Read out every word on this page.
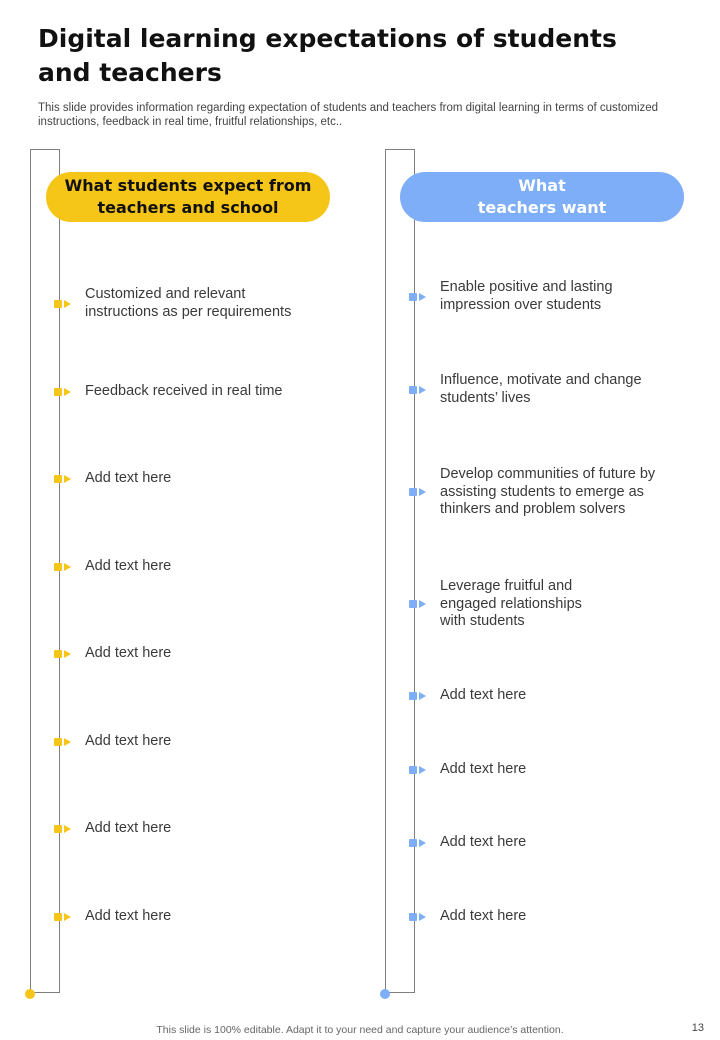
Digital learning expectations of students and teachers

This slide provides information regarding expectation of students and teachers from digital learning in terms of customized instructions, feedback in real time, fruitful relationships, etc..

What students expect from
teachers and school
Customized and relevant
instructions as per requirements
Feedback received in real time
Add text here
Add text here
Add text here
Add text here
Add text here
Add text here
What
teachers want
Enable positive and lasting
impression over students
Influence, motivate and change
students’ lives
Develop communities of future by
assisting students to emerge as
thinkers and problem solvers
Leverage fruitful and
engaged relationships
with students
Add text here
Add text here
Add text here
Add text here
This slide is 100% editable. Adapt it to your need and capture your audience’s attention.	13
